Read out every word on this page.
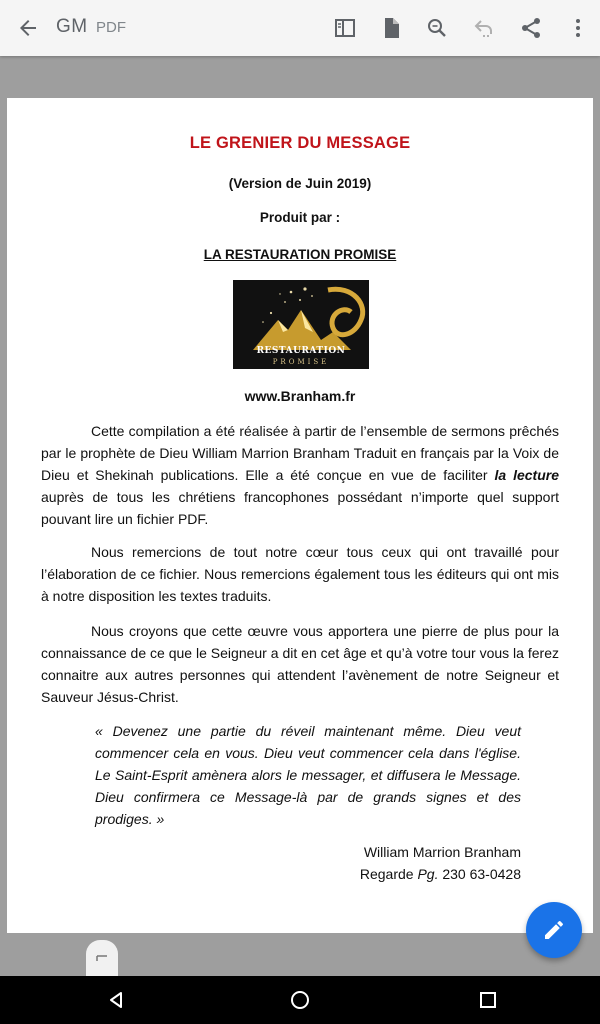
GM PDF
LE GRENIER DU MESSAGE
(Version de Juin 2019)
Produit par :
LA RESTAURATION PROMISE
RESTAURATION
PROMISE
www.Branham.fr

Cette compilation a été réalisée à partir de l’ensemble de sermons prêchés par le prophète de Dieu William Marrion Branham Traduit en français par la Voix de Dieu et Shekinah publications. Elle a été conçue en vue de faciliter la lecture auprès de tous les chrétiens francophones possédant n’importe quel support pouvant lire un fichier PDF.

Nous remercions de tout notre cœur tous ceux qui ont travaillé pour l’élaboration de ce fichier. Nous remercions également tous les éditeurs qui ont mis à notre disposition les textes traduits.

Nous croyons que cette œuvre vous apportera une pierre de plus pour la connaissance de ce que le Seigneur a dit en cet âge et qu’à votre tour vous la ferez connaitre aux autres personnes qui attendent l’avènement de notre Seigneur et Sauveur Jésus-Christ.

« Devenez une partie du réveil maintenant même. Dieu veut commencer cela en vous. Dieu veut commencer cela dans l'église. Le Saint-Esprit amènera alors le messager, et diffusera le Message. Dieu confirmera ce Message-là par de grands signes et des prodiges. »

William Marrion Branham
Regarde Pg. 230 63-0428
